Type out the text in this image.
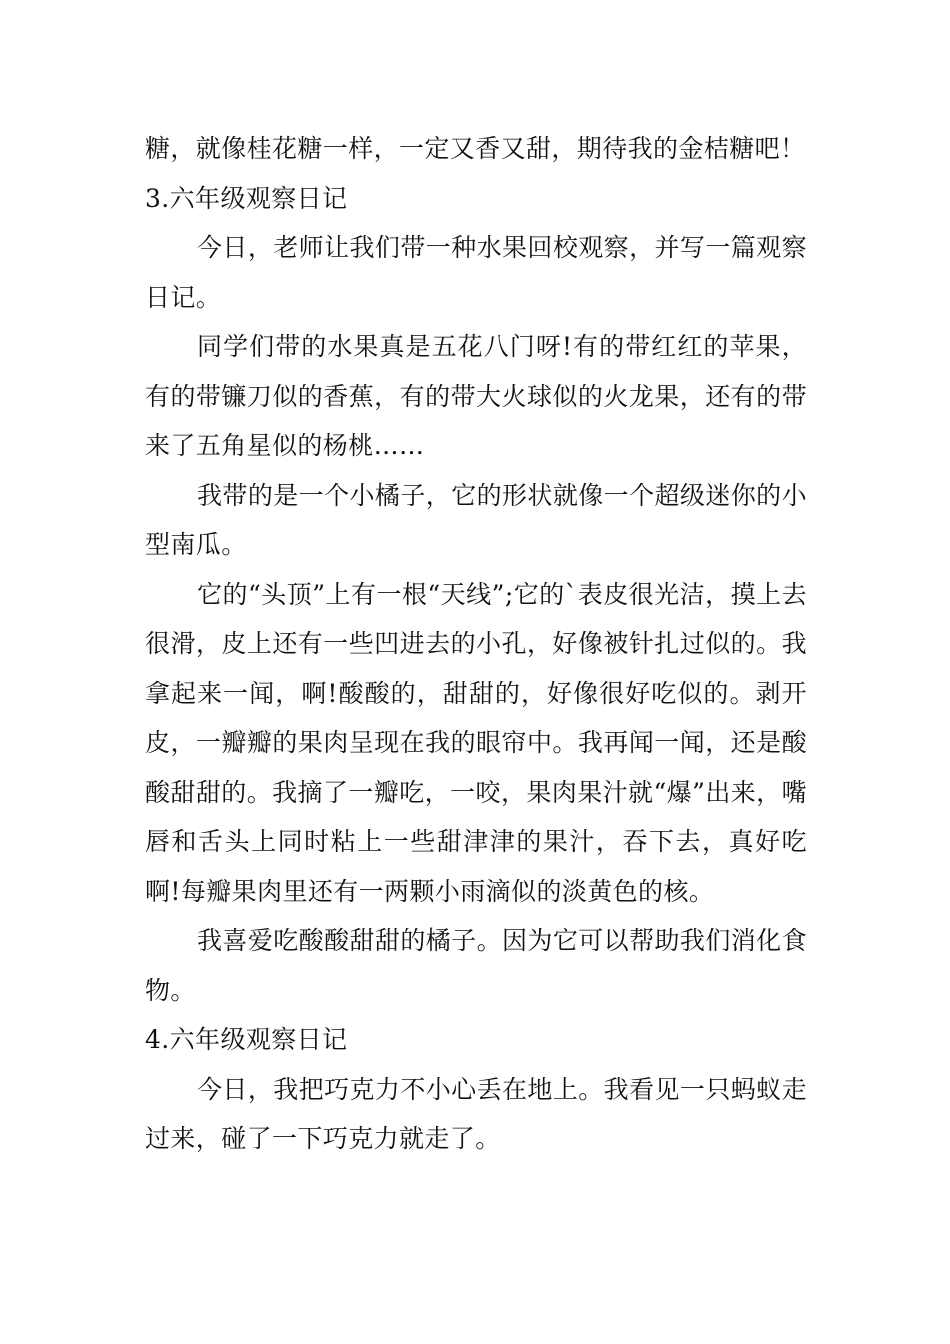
糖，就像桂花糖一样，一定又香又甜，期待我的金桔糖吧！

3.六年级观察日记

今日，老师让我们带一种水果回校观察，并写一篇观察日记。

同学们带的水果真是五花八门呀!有的带红红的苹果，有的带镰刀似的香蕉，有的带大火球似的火龙果，还有的带来了五角星似的杨桃……

我带的是一个小橘子，它的形状就像一个超级迷你的小型南瓜。

它的“头顶”上有一根“天线”;它的`表皮很光洁，摸上去很滑，皮上还有一些凹进去的小孔，好像被针扎过似的。我拿起来一闻，啊!酸酸的，甜甜的，好像很好吃似的。剥开皮，一瓣瓣的果肉呈现在我的眼帘中。我再闻一闻，还是酸酸甜甜的。我摘了一瓣吃，一咬，果肉果汁就“爆”出来，嘴唇和舌头上同时粘上一些甜津津的果汁，吞下去，真好吃啊!每瓣果肉里还有一两颗小雨滴似的淡黄色的核。

我喜爱吃酸酸甜甜的橘子。因为它可以帮助我们消化食物。

4.六年级观察日记

今日，我把巧克力不小心丢在地上。我看见一只蚂蚁走过来，碰了一下巧克力就走了。
